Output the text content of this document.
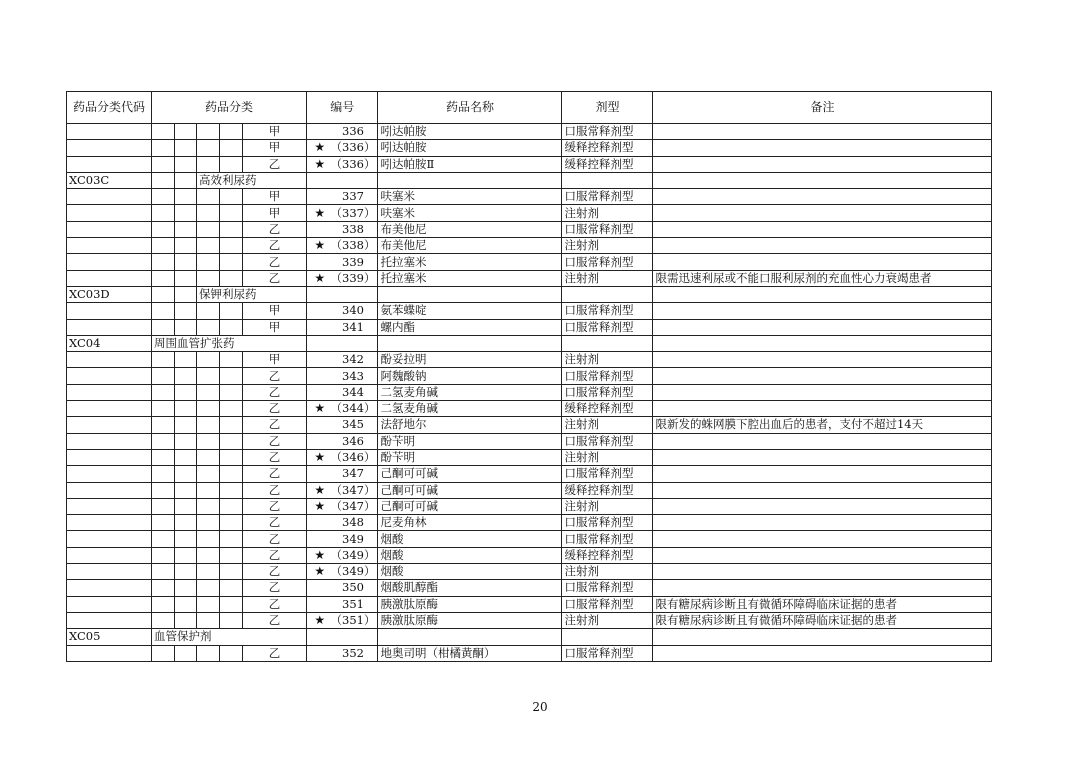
药品分类代码	药品分类					编号		药品名称	剂型	备注
					甲		336	吲达帕胺	口服常释剂型	
					甲	★	（336）	吲达帕胺	缓释控释剂型	
					乙	★	（336）	吲达帕胺Ⅱ	缓释控释剂型	
XC03C			高效利尿药							
					甲		337	呋塞米	口服常释剂型	
					甲	★	（337）	呋塞米	注射剂	
					乙		338	布美他尼	口服常释剂型	
					乙	★	（338）	布美他尼	注射剂	
					乙		339	托拉塞米	口服常释剂型	
					乙	★	（339）	托拉塞米	注射剂	限需迅速利尿或不能口服利尿剂的充血性心力衰竭患者
XC03D			保钾利尿药							
					甲		340	氨苯蝶啶	口服常释剂型	
					甲		341	螺内酯	口服常释剂型	
XC04	周围血管扩张药									
					甲		342	酚妥拉明	注射剂	
					乙		343	阿魏酸钠	口服常释剂型	
					乙		344	二氢麦角碱	口服常释剂型	
					乙	★	（344）	二氢麦角碱	缓释控释剂型	
					乙		345	法舒地尔	注射剂	限新发的蛛网膜下腔出血后的患者，支付不超过14天
					乙		346	酚苄明	口服常释剂型	
					乙	★	（346）	酚苄明	注射剂	
					乙		347	己酮可可碱	口服常释剂型	
					乙	★	（347）	己酮可可碱	缓释控释剂型	
					乙	★	（347）	己酮可可碱	注射剂	
					乙		348	尼麦角林	口服常释剂型	
					乙		349	烟酸	口服常释剂型	
					乙	★	（349）	烟酸	缓释控释剂型	
					乙	★	（349）	烟酸	注射剂	
					乙		350	烟酸肌醇酯	口服常释剂型	
					乙		351	胰激肽原酶	口服常释剂型	限有糖尿病诊断且有微循环障碍临床证据的患者
					乙	★	（351）	胰激肽原酶	注射剂	限有糖尿病诊断且有微循环障碍临床证据的患者
XC05	血管保护剂									
					乙		352	地奥司明（柑橘黄酮）	口服常释剂型	
20
